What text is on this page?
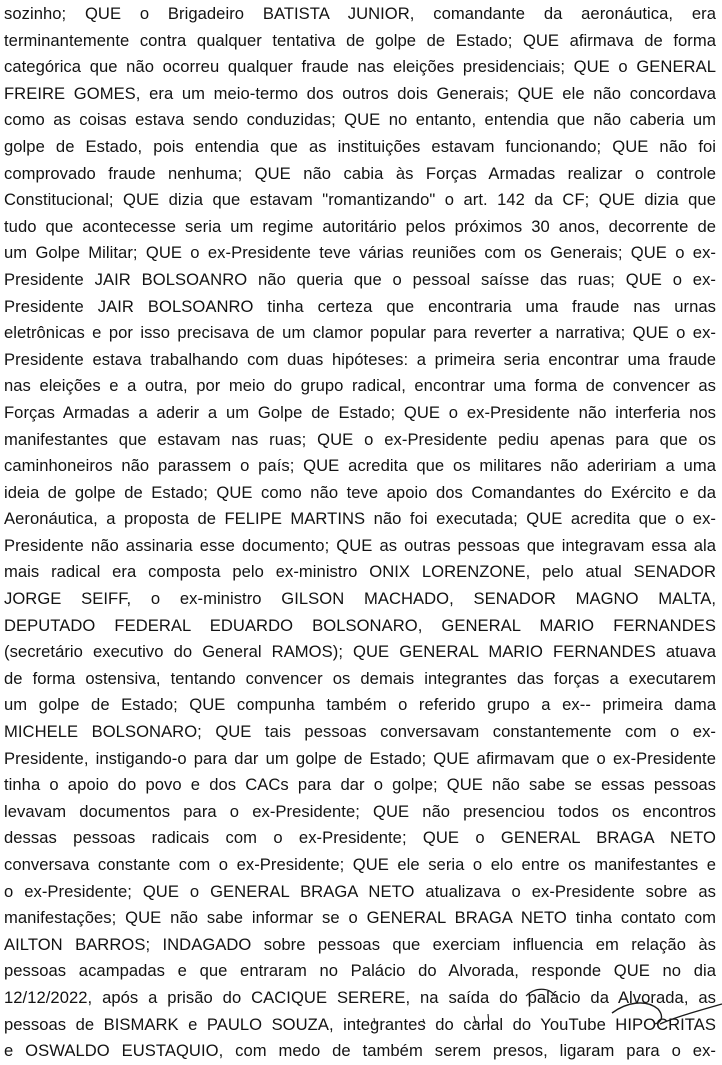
sozinho; QUE o Brigadeiro BATISTA JUNIOR, comandante da aeronáutica, era
terminantemente contra qualquer tentativa de golpe de Estado; QUE afirmava de forma
categórica que não ocorreu qualquer fraude nas eleições presidenciais; QUE o GENERAL
FREIRE GOMES, era um meio-termo dos outros dois Generais; QUE ele não concordava
como as coisas estava sendo conduzidas; QUE no entanto, entendia que não caberia um
golpe de Estado, pois entendia que as instituições estavam funcionando; QUE não foi
comprovado fraude nenhuma; QUE não cabia às Forças Armadas realizar o controle
Constitucional; QUE dizia que estavam "romantizando" o art. 142 da CF; QUE dizia que
tudo que acontecesse seria um regime autoritário pelos próximos 30 anos, decorrente de
um Golpe Militar; QUE o ex-Presidente teve várias reuniões com os Generais; QUE o ex-
Presidente JAIR BOLSOANRO não queria que o pessoal saísse das ruas; QUE o ex-
Presidente JAIR BOLSOANRO tinha certeza que encontraria uma fraude nas urnas
eletrônicas e por isso precisava de um clamor popular para reverter a narrativa; QUE o ex-
Presidente estava trabalhando com duas hipóteses: a primeira seria encontrar uma fraude
nas eleições e a outra, por meio do grupo radical, encontrar uma forma de convencer as
Forças Armadas a aderir a um Golpe de Estado; QUE o ex-Presidente não interferia nos
manifestantes que estavam nas ruas; QUE o ex-Presidente pediu apenas para que os
caminhoneiros não parassem o país; QUE acredita que os militares não adeririam a uma
ideia de golpe de Estado; QUE como não teve apoio dos Comandantes do Exército e da
Aeronáutica, a proposta de FELIPE MARTINS não foi executada; QUE acredita que o ex-
Presidente não assinaria esse documento; QUE as outras pessoas que integravam essa ala
mais radical era composta pelo ex-ministro ONIX LORENZONE, pelo atual SENADOR
JORGE SEIFF, o ex-ministro GILSON MACHADO, SENADOR MAGNO MALTA,
DEPUTADO FEDERAL EDUARDO BOLSONARO, GENERAL MARIO FERNANDES
(secretário executivo do General RAMOS); QUE GENERAL MARIO FERNANDES atuava
de forma ostensiva, tentando convencer os demais integrantes das forças a executarem
um golpe de Estado; QUE compunha também o referido grupo a ex-- primeira dama
MICHELE BOLSONARO; QUE tais pessoas conversavam constantemente com o ex-
Presidente, instigando-o para dar um golpe de Estado; QUE afirmavam que o ex-Presidente
tinha o apoio do povo e dos CACs para dar o golpe; QUE não sabe se essas pessoas
levavam documentos para o ex-Presidente; QUE não presenciou todos os encontros
dessas pessoas radicais com o ex-Presidente; QUE o GENERAL BRAGA NETO
conversava constante com o ex-Presidente; QUE ele seria o elo entre os manifestantes e
o ex-Presidente; QUE o GENERAL BRAGA NETO atualizava o ex-Presidente sobre as
manifestações; QUE não sabe informar se o GENERAL BRAGA NETO tinha contato com
AILTON BARROS; INDAGADO sobre pessoas que exerciam influencia em relação às
pessoas acampadas e que entraram no Palácio do Alvorada, responde QUE no dia
12/12/2022, após a prisão do CACIQUE SERERE, na saída do palácio da Alvorada, as
pessoas de BISMARK e PAULO SOUZA, integrantes do canal do YouTube HIPOCRITAS
e OSWALDO EUSTAQUIO, com medo de também serem presos, ligaram para o ex-
